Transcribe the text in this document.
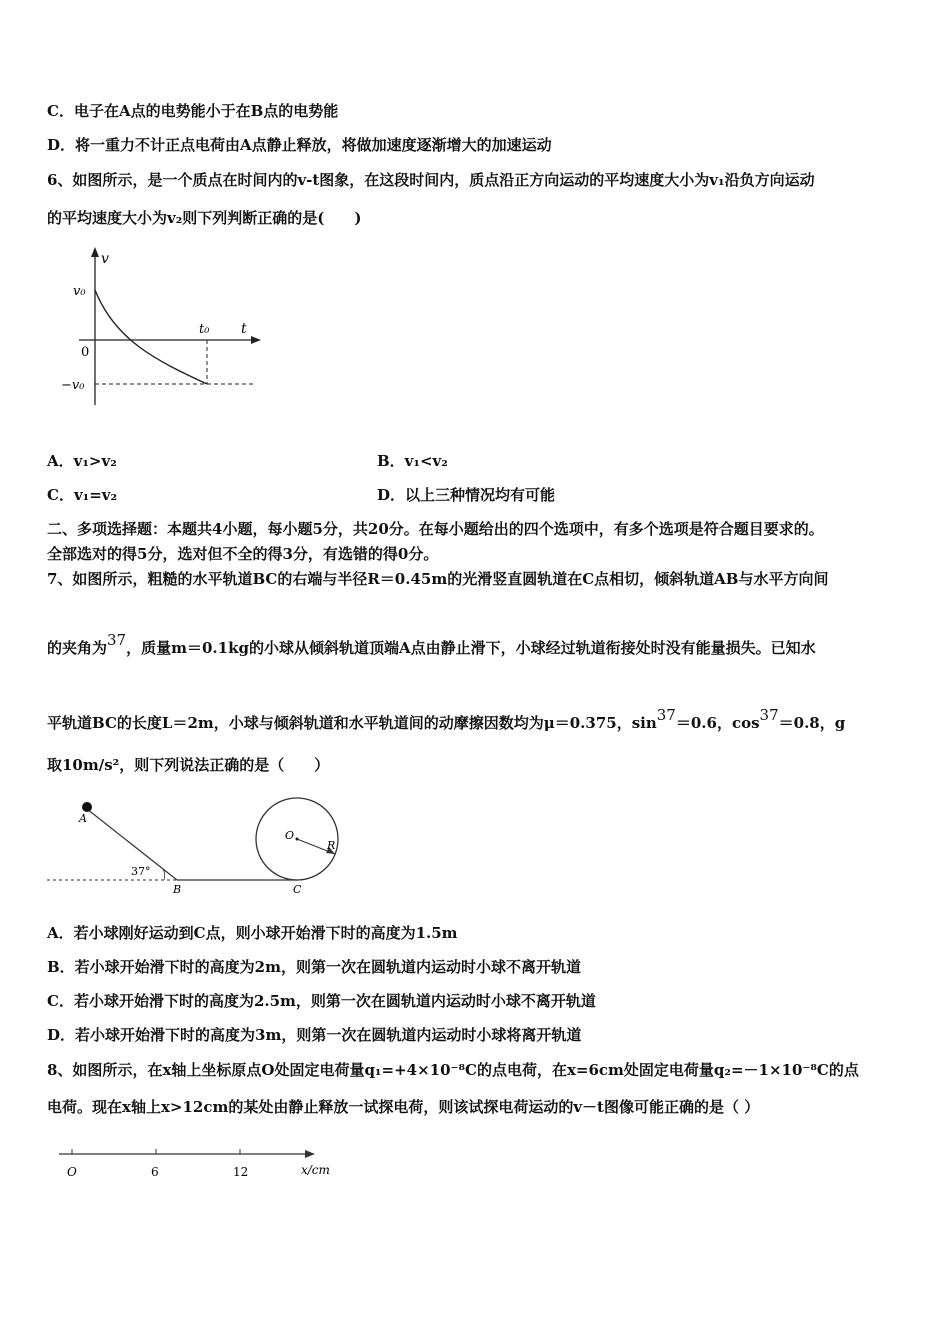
C．电子在A点的电势能小于在B点的电势能
D．将一重力不计正点电荷由A点静止释放，将做加速度逐渐增大的加速运动
6、如图所示，是一个质点在时间内的v-t图象，在这段时间内，质点沿正方向运动的平均速度大小为v₁沿负方向运动
的平均速度大小为v₂则下列判断正确的是(　　)
v
v₀
t
t₀
0
−v₀
A．v₁>v₂	B．v₁<v₂
C．v₁=v₂	D．以上三种情况均有可能
二、多项选择题：本题共4小题，每小题5分，共20分。在每小题给出的四个选项中，有多个选项是符合题目要求的。
全部选对的得5分，选对但不全的得3分，有选错的得0分。
7、如图所示，粗糙的水平轨道BC的右端与半径R＝0.45m的光滑竖直圆轨道在C点相切，倾斜轨道AB与水平方向间
的夹角为37，质量m＝0.1kg的小球从倾斜轨道顶端A点由静止滑下，小球经过轨道衔接处时没有能量损失。已知水
平轨道BC的长度L＝2m，小球与倾斜轨道和水平轨道间的动摩擦因数均为μ＝0.375，sin37＝0.6，cos37＝0.8，g
取10m/s²，则下列说法正确的是（　　）
A
B	C
O
R
37°
A．若小球刚好运动到C点，则小球开始滑下时的高度为1.5m
B．若小球开始滑下时的高度为2m，则第一次在圆轨道内运动时小球不离开轨道
C．若小球开始滑下时的高度为2.5m，则第一次在圆轨道内运动时小球不离开轨道
D．若小球开始滑下时的高度为3m，则第一次在圆轨道内运动时小球将离开轨道
8、如图所示，在x轴上坐标原点O处固定电荷量q₁=+4×10⁻⁸C的点电荷，在x=6cm处固定电荷量q₂=－1×10⁻⁸C的点
电荷。现在x轴上x>12cm的某处由静止释放一试探电荷，则该试探电荷运动的v－t图像可能正确的是（ ）
O	6	12	x/cm
